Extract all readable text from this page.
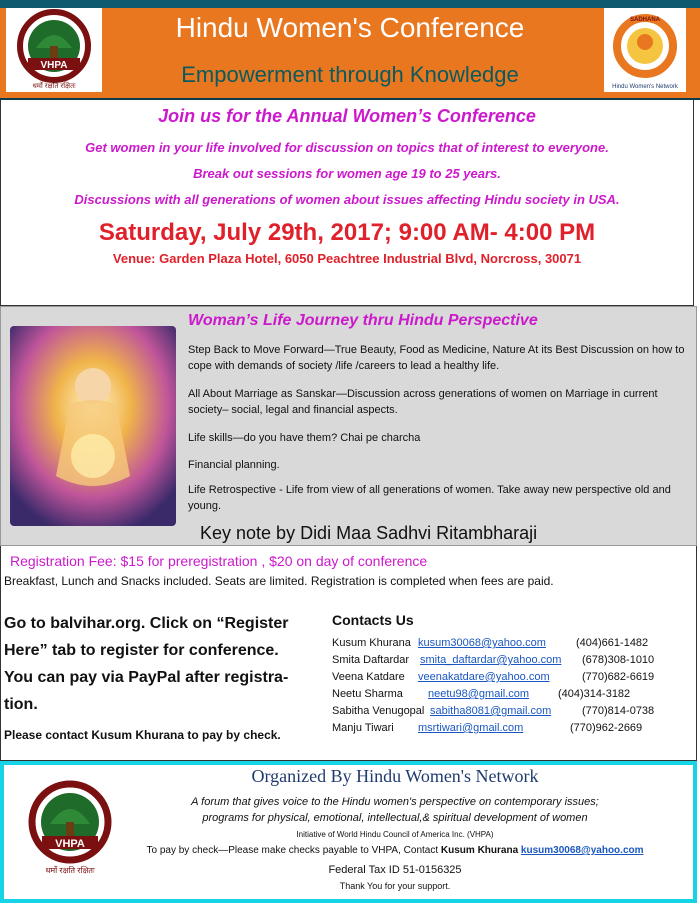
VHPA
धर्मो रक्षति रक्षितः
Hindu Women's Conference
Empowerment through Knowledge
SADHANA
Hindu Women's Network
Join us for the Annual Women’s Conference
Get women in your life involved for discussion on topics that of interest to everyone.
Break out sessions for women age 19 to 25 years.
Discussions with all generations of women about issues affecting Hindu society in USA.
Saturday, July 29th, 2017; 9:00 AM- 4:00 PM
Venue: Garden Plaza Hotel, 6050 Peachtree Industrial Blvd, Norcross, 30071
Woman’s Life Journey thru Hindu Perspective
Step Back to Move Forward—True Beauty, Food as Medicine, Nature At its Best Discussion on how to cope with demands of society /life /careers to lead a healthy life.
All About Marriage as Sanskar—Discussion across generations of women on Marriage in current society– social, legal and financial aspects.
Life skills—do you have them? Chai pe charcha
Financial planning.
Life Retrospective - Life from view of all generations of women. Take away new perspective old and young.
Key note by Didi Maa Sadhvi Ritambharaji
Registration Fee: $15 for preregistration , $20 on day of conference
Breakfast, Lunch and Snacks included. Seats are limited. Registration is completed when fees are paid.
Go to balvihar.org. Click on “Register
Here” tab to register for conference.
You can pay via PayPal after registra-
tion.
Please contact Kusum Khurana to pay by check.
Contacts Us
Kusum Khurana kusum30068@yahoo.com	(404)661-1482
Smita Daftardar smita_daftardar@yahoo.com (678)308-1010
Veena Katdare veenakatdare@yahoo.com	(770)682-6619
Neetu Sharma neetu98@gmail.com	(404)314-3182
Sabitha Venugopal sabitha8081@gmail.com	(770)814-0738
Manju Tiwari msrtiwari@gmail.com	(770)962-2669
VHPA
धर्मो रक्षति रक्षितः
Organized By Hindu Women's Network
A forum that gives voice to the Hindu women's perspective on contemporary issues;
programs for physical, emotional, intellectual,& spiritual development of women
Initiative of World Hindu Council of America Inc. (VHPA)
To pay by check—Please make checks payable to VHPA, Contact Kusum Khurana kusum30068@yahoo.com
Federal Tax ID 51-0156325
Thank You for your support.
